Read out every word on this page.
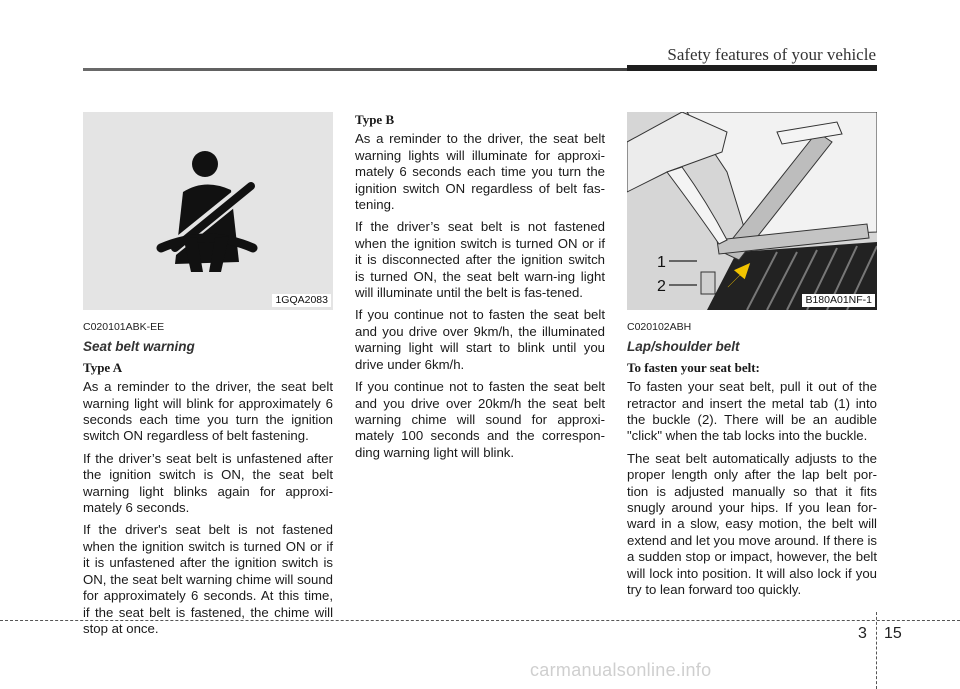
Safety features of your vehicle
1GQA2083

C020101ABK-EE

Seat belt warning

Type A

As a reminder to the driver, the seat belt warning light will blink for approximately 6 seconds each time you turn the ignition switch ON regardless of belt fastening.

If the driver’s seat belt is unfastened after the ignition switch is ON, the seat belt warning light blinks again for approxi-mately 6 seconds.

If the driver's seat belt is not fastened when the ignition switch is turned ON or if it is unfastened after the ignition switch is ON, the seat belt warning chime will sound for approximately 6 seconds. At this time, if the seat belt is fastened, the chime will stop at once.

Type B

As a reminder to the driver, the seat belt warning lights will illuminate for approxi-mately 6 seconds each time you turn the ignition switch ON regardless of belt fas-tening.

If the driver’s seat belt is not fastened when the ignition switch is turned ON or if it is disconnected after the ignition switch is turned ON, the seat belt warn-ing light will illuminate until the belt is fas-tened.

If you continue not to fasten the seat belt and you drive over 9km/h, the illuminated warning light will start to blink until you drive under 6km/h.

If you continue not to fasten the seat belt and you drive over 20km/h the seat belt warning chime will sound for approxi-mately 100 seconds and the correspon-ding warning light will blink.

1
2
B180A01NF-1

C020102ABH

Lap/shoulder belt

To fasten your seat belt:

To fasten your seat belt, pull it out of the retractor and insert the metal tab (1) into the buckle (2). There will be an audible "click" when the tab locks into the buckle.

The seat belt automatically adjusts to the proper length only after the lap belt por-tion is adjusted manually so that it fits snugly around your hips. If you lean for-ward in a slow, easy motion, the belt will extend and let you move around. If there is a sudden stop or impact, however, the belt will lock into position. It will also lock if you try to lean forward too quickly.

3 15
carmanualsonline.info
